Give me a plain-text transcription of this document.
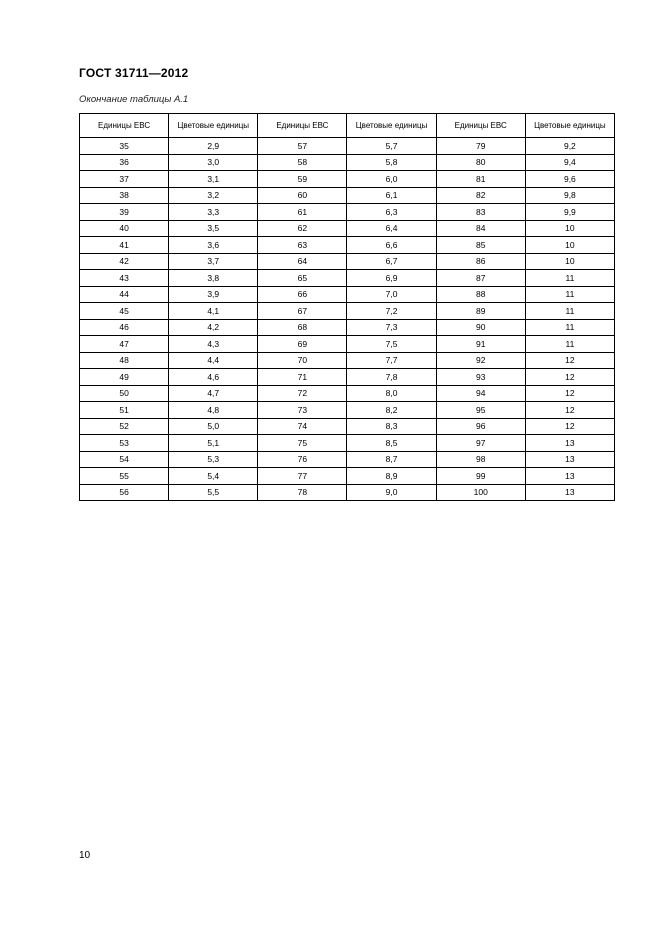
ГОСТ 31711—2012
Окончание таблицы А.1
Единицы ЕВС	Цветовые единицы	Единицы ЕВС	Цветовые единицы	Единицы ЕВС	Цветовые единицы
35	2,9	57	5,7	79	9,2
36	3,0	58	5,8	80	9,4
37	3,1	59	6,0	81	9,6
38	3,2	60	6,1	82	9,8
39	3,3	61	6,3	83	9,9
40	3,5	62	6,4	84	10
41	3,6	63	6,6	85	10
42	3,7	64	6,7	86	10
43	3,8	65	6,9	87	11
44	3,9	66	7,0	88	11
45	4,1	67	7,2	89	11
46	4,2	68	7,3	90	11
47	4,3	69	7,5	91	11
48	4,4	70	7,7	92	12
49	4,6	71	7,8	93	12
50	4,7	72	8,0	94	12
51	4,8	73	8,2	95	12
52	5,0	74	8,3	96	12
53	5,1	75	8,5	97	13
54	5,3	76	8,7	98	13
55	5,4	77	8,9	99	13
56	5,5	78	9,0	100	13
10
